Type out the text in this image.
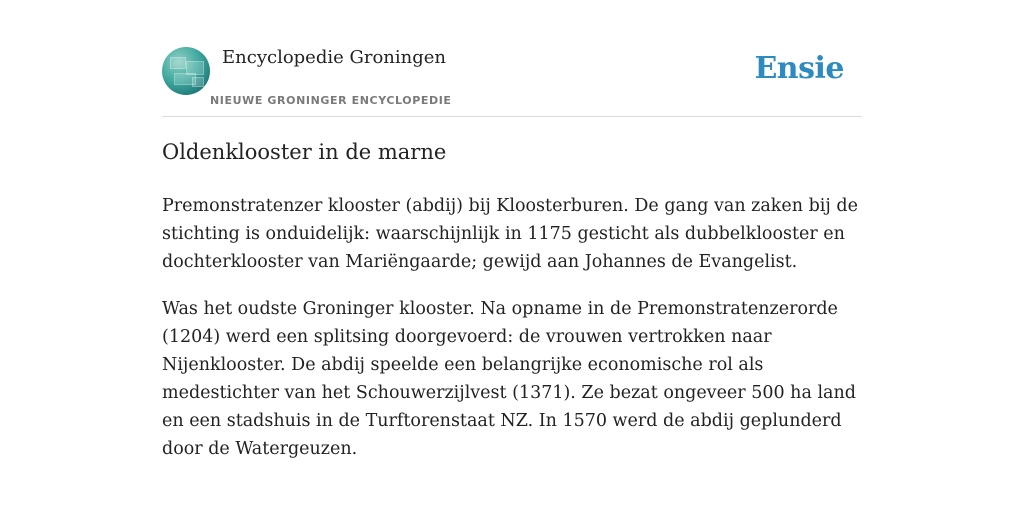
Encyclopedie Groningen
NIEUWE GRONINGER ENCYCLOPEDIE
Ensie
Oldenklooster in de marne

Premonstratenzer klooster (abdij) bij Kloosterburen. De gang van zaken bij de stichting is onduidelijk: waarschijnlijk in 1175 gesticht als dubbelklooster en dochterklooster van Mariëngaarde; gewijd aan Johannes de Evangelist.

Was het oudste Groninger klooster. Na opname in de Premonstratenzerorde (1204) werd een splitsing doorgevoerd: de vrouwen vertrokken naar Nijenklooster. De abdij speelde een belangrijke economische rol als medestichter van het Schouwerzijlvest (1371). Ze bezat ongeveer 500 ha land en een stadshuis in de Turftorenstaat NZ. In 1570 werd de abdij geplunderd door de Watergeuzen.
